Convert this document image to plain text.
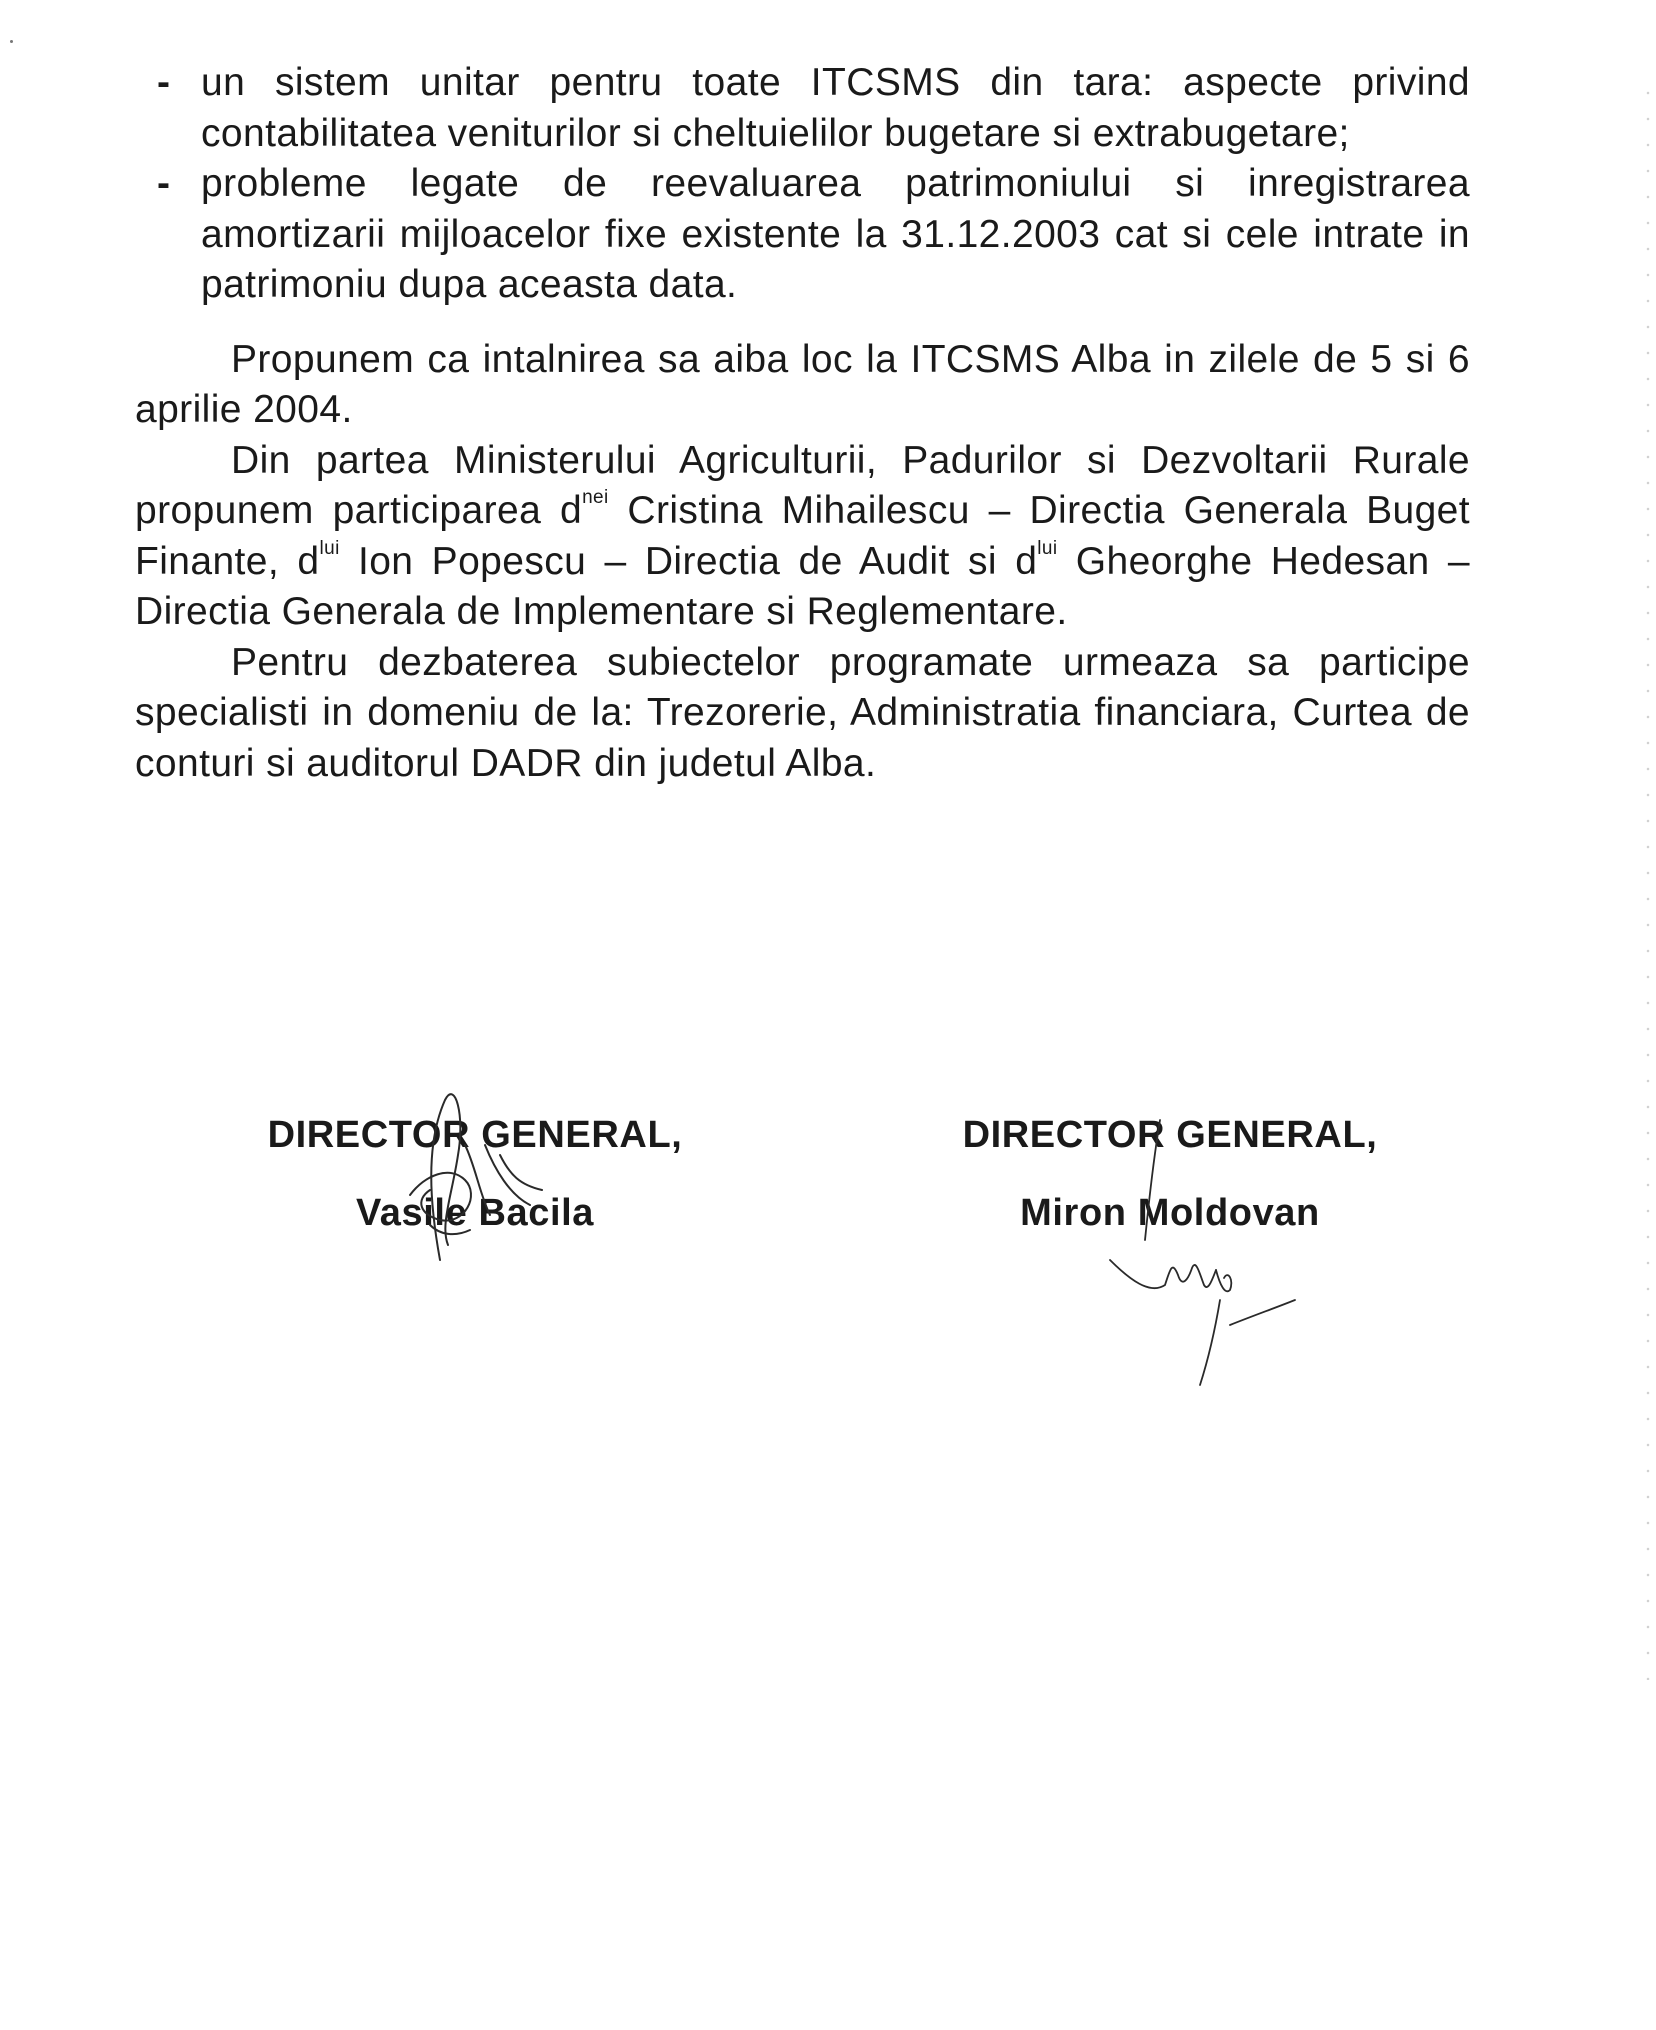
- un sistem unitar pentru toate ITCSMS din tara: aspecte privind contabilitatea veniturilor si cheltuielilor bugetare si extrabugetare;
- probleme legate de reevaluarea patrimoniului si inregistrarea amortizarii mijloacelor fixe existente la 31.12.2003 cat si cele intrate in patrimoniu dupa aceasta data.
Propunem ca intalnirea sa aiba loc la ITCSMS Alba in zilele de 5 si 6 aprilie 2004.
Din partea Ministerului Agriculturii, Padurilor si Dezvoltarii Rurale propunem participarea $d^{nei}$ Cristina Mihailescu – Directia Generala Buget Finante, $d^{lui}$ Ion Popescu – Directia de Audit si $d^{lui}$ Gheorghe Hedesan – Directia Generala de Implementare si Reglementare.
Pentru dezbaterea subiectelor programate urmeaza sa participe specialisti in domeniu de la: Trezorerie, Administratia financiara, Curtea de conturi si auditorul DADR din judetul Alba.
DIRECTOR GENERAL,
Vasile Bacila
DIRECTOR GENERAL,
Miron Moldovan
